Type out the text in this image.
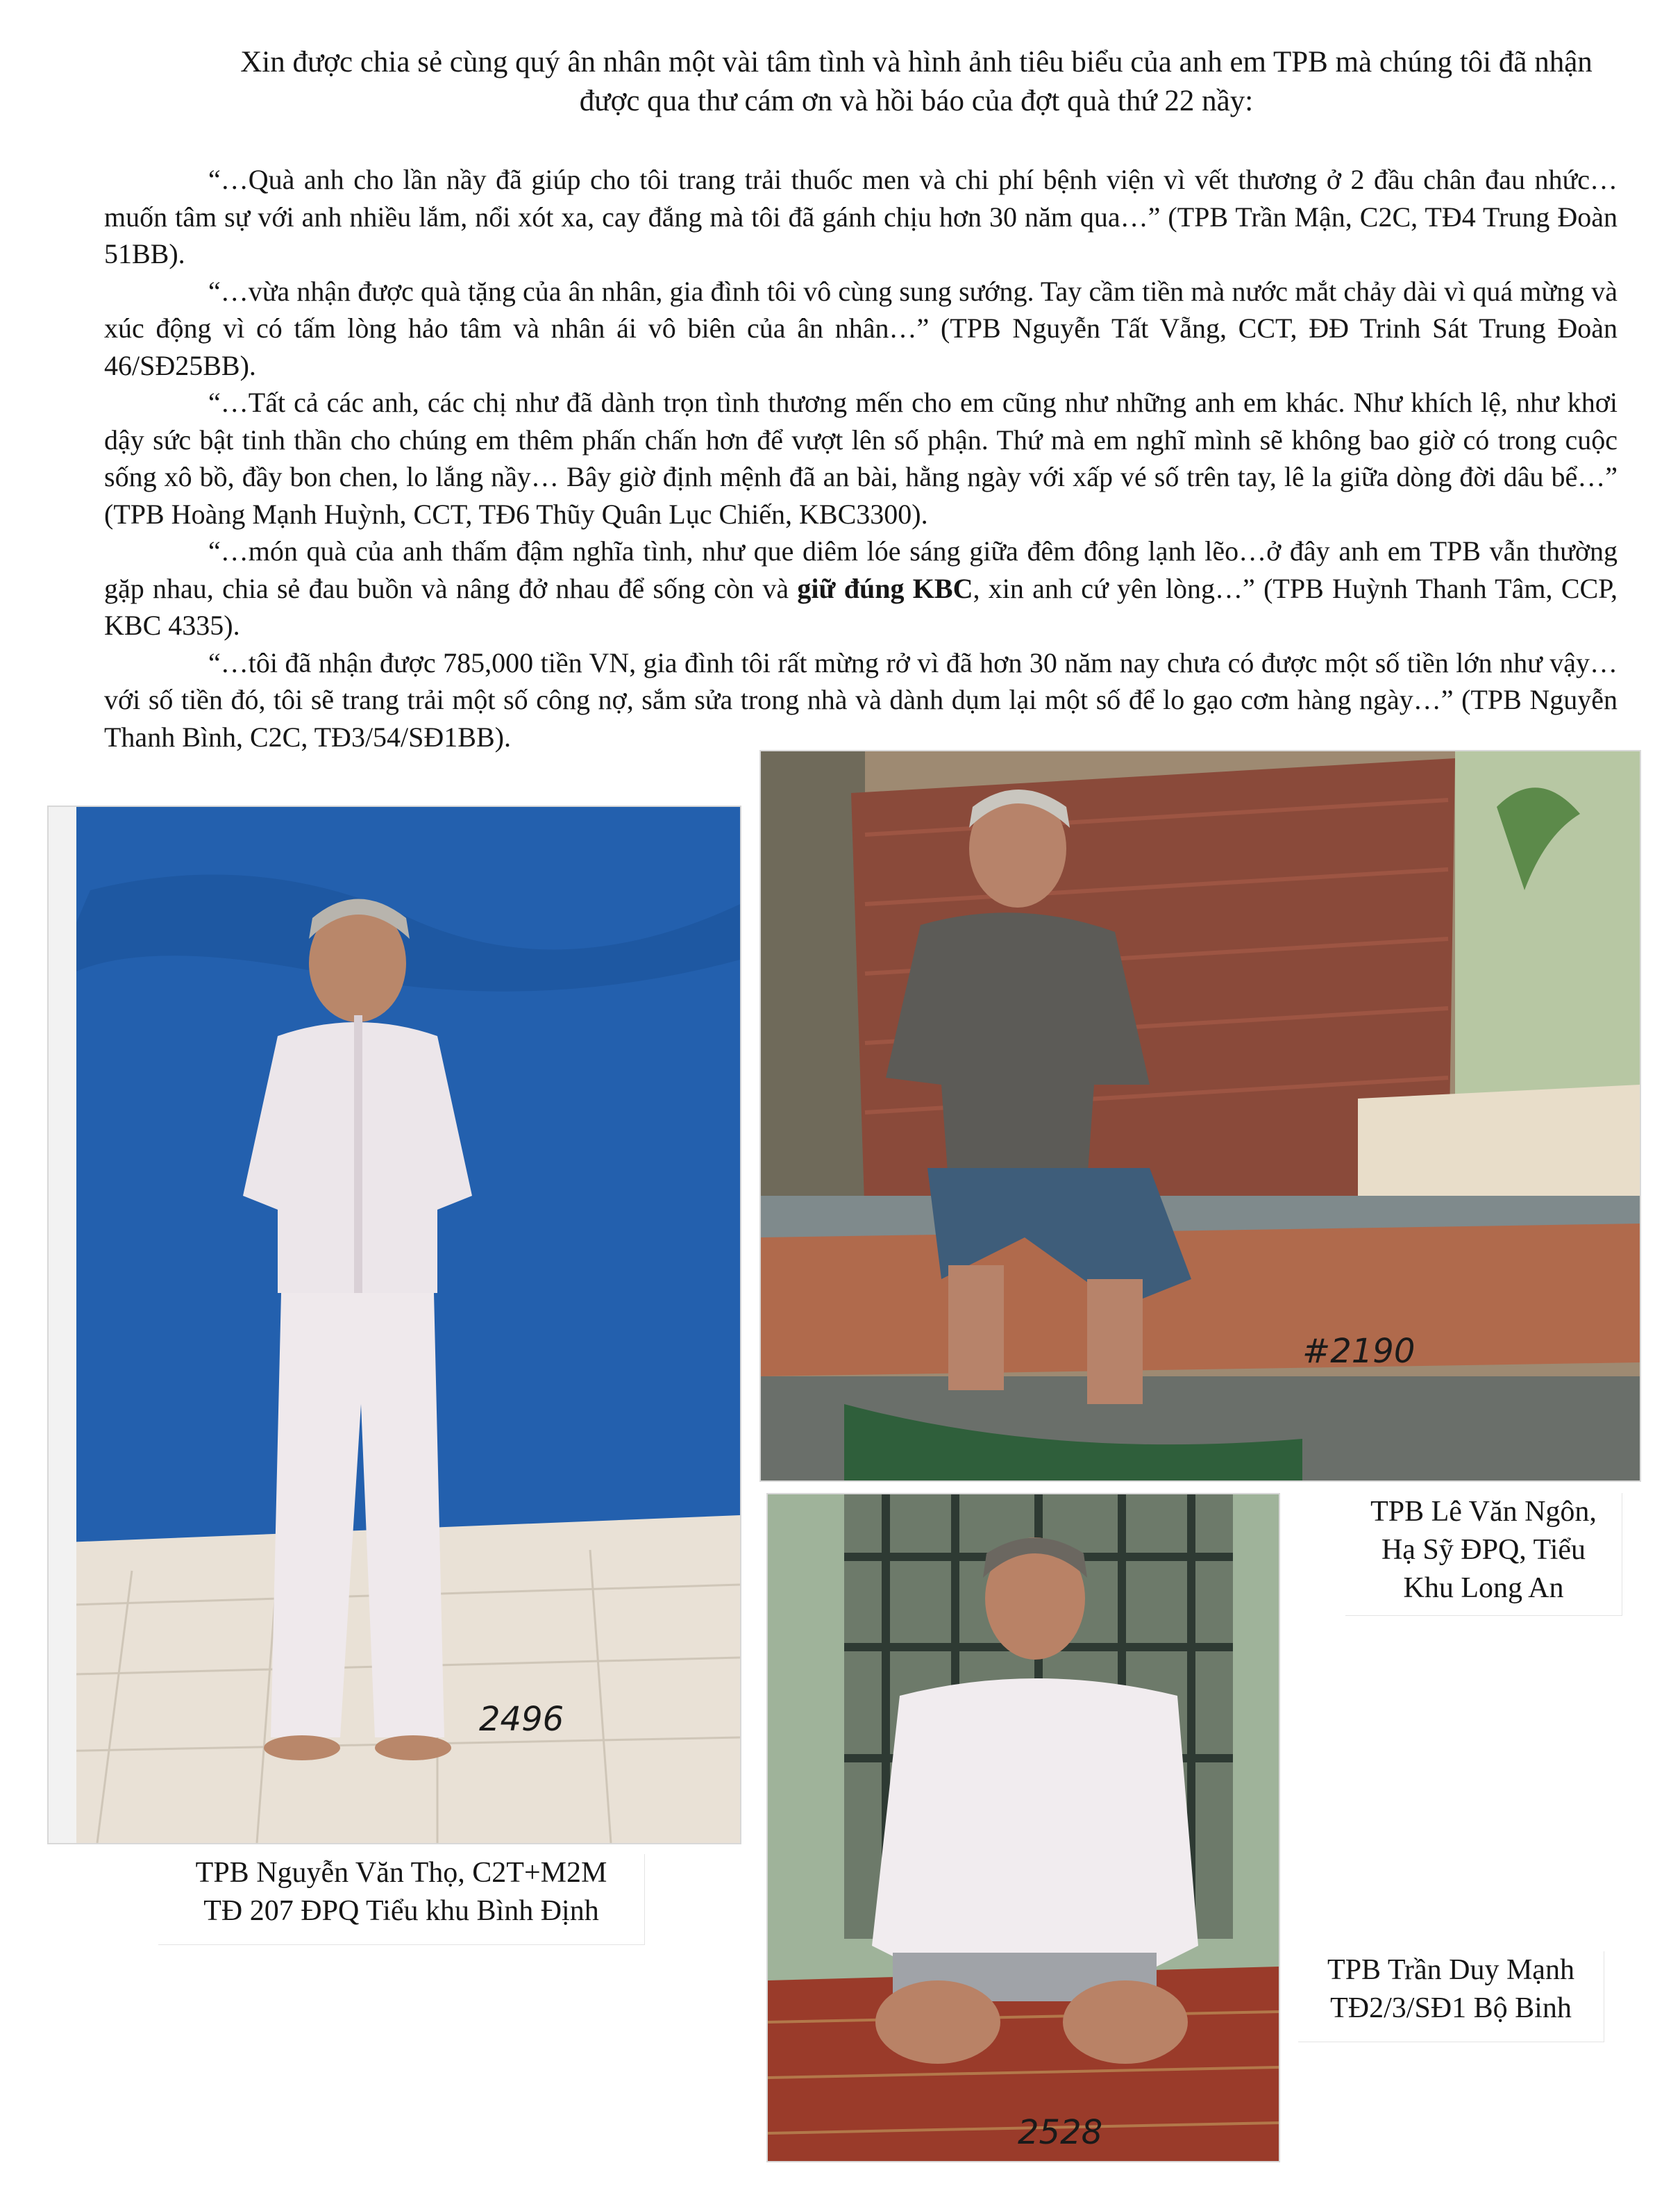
Xin được chia sẻ cùng quý ân nhân một vài tâm tình và hình ảnh tiêu biểu của anh em TPB mà chúng tôi đã nhận được qua thư cám ơn và hồi báo của đợt quà thứ 22 nầy:

“…Quà anh cho lần nầy đã giúp cho tôi trang trải thuốc men và chi phí bệnh viện vì vết thương ở 2 đầu chân đau nhức… muốn tâm sự với anh nhiều lắm, nổi xót xa, cay đắng mà tôi đã gánh chịu hơn 30 năm qua…” (TPB Trần Mận, C2C, TĐ4 Trung Đoàn 51BB).

“…vừa nhận được quà tặng của ân nhân, gia đình tôi vô cùng sung sướng. Tay cầm tiền mà nước mắt chảy dài vì quá mừng và xúc động vì có tấm lòng hảo tâm và nhân ái vô biên của ân nhân…” (TPB Nguyễn Tất Vẵng, CCT, ĐĐ Trinh Sát Trung Đoàn 46/SĐ25BB).

“…Tất cả các anh, các chị như đã dành trọn tình thương mến cho em cũng như những anh em khác. Như khích lệ, như khơi dậy sức bật tinh thần cho chúng em thêm phấn chấn hơn để vượt lên số phận. Thứ mà em nghĩ mình sẽ không bao giờ có trong cuộc sống xô bồ, đầy bon chen, lo lắng nầy… Bây giờ định mệnh đã an bài, hằng ngày với xấp vé số trên tay, lê la giữa dòng đời dâu bể…” (TPB Hoàng Mạnh Huỳnh, CCT, TĐ6 Thũy Quân Lục Chiến, KBC3300).

“…món quà của anh thấm đậm nghĩa tình, như que diêm lóe sáng giữa đêm đông lạnh lẽo…ở đây anh em TPB vẫn thường gặp nhau, chia sẻ đau buồn và nâng đở nhau để sống còn và giữ đúng KBC, xin anh cứ yên lòng…” (TPB Huỳnh Thanh Tâm, CCP, KBC 4335).

“…tôi đã nhận được 785,000 tiền VN, gia đình tôi rất mừng rở vì đã hơn 30 năm nay chưa có được một số tiền lớn như vậy…với số tiền đó, tôi sẽ trang trải một số công nợ, sắm sửa trong nhà và dành dụm lại một số để lo gạo cơm hàng ngày…” (TPB Nguyễn Thanh Bình, C2C, TĐ3/54/SĐ1BB).

2496
#2190
2528
TPB Nguyễn Văn Thọ, C2T+M2M
TĐ 207 ĐPQ Tiểu khu Bình Định
TPB Lê Văn Ngôn,
Hạ Sỹ ĐPQ, Tiểu
Khu Long An
TPB Trần Duy Mạnh
TĐ2/3/SĐ1 Bộ Binh
